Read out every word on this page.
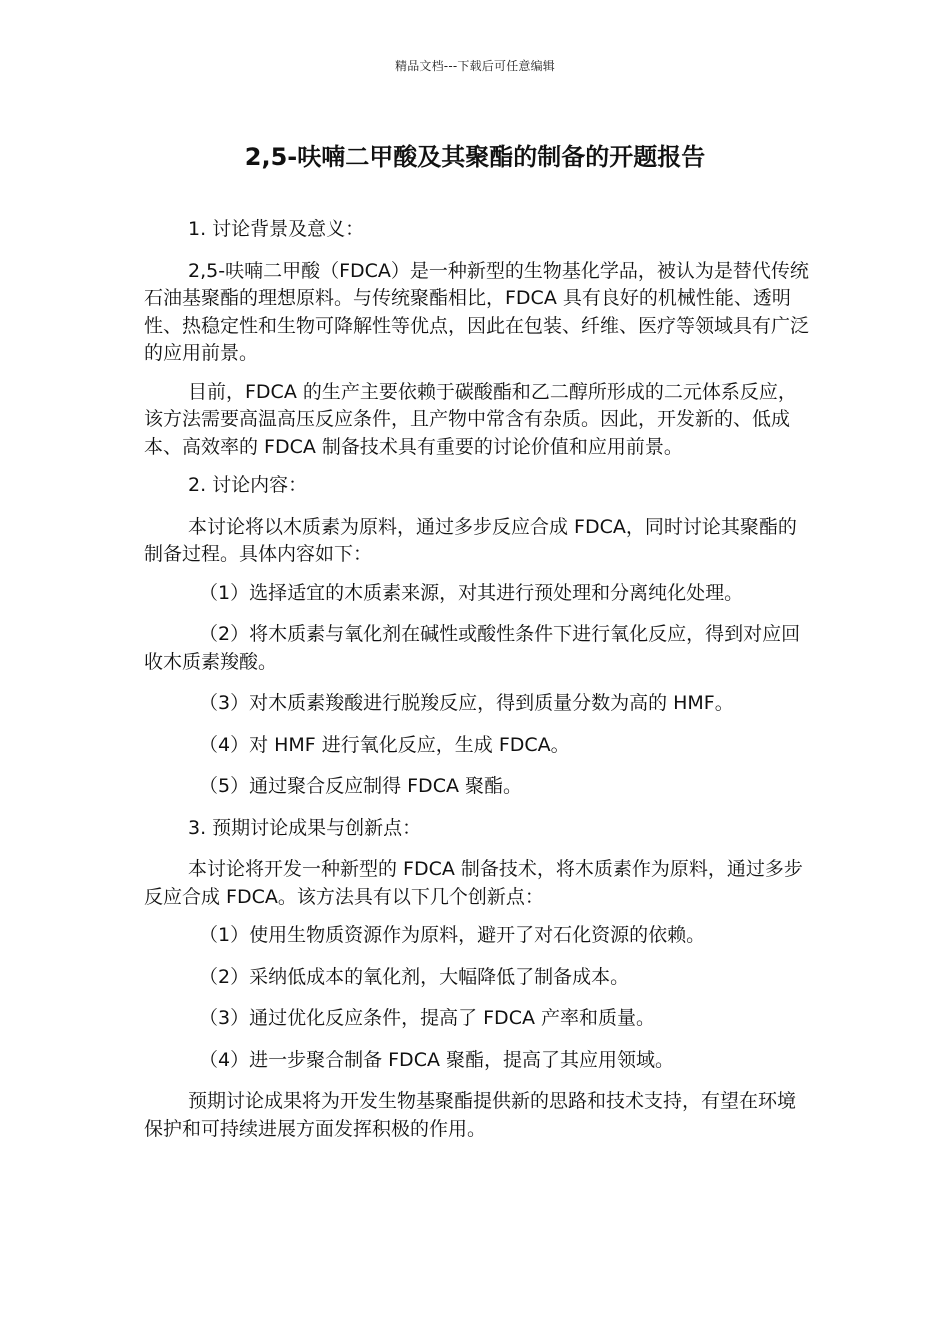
精品文档---下载后可任意编辑
2,5-呋喃二甲酸及其聚酯的制备的开题报告

1. 讨论背景及意义：

2,5-呋喃二甲酸（FDCA）是一种新型的生物基化学品，被认为是替代传统石油基聚酯的理想原料。与传统聚酯相比，FDCA 具有良好的机械性能、透明性、热稳定性和生物可降解性等优点，因此在包装、纤维、医疗等领域具有广泛的应用前景。

目前，FDCA 的生产主要依赖于碳酸酯和乙二醇所形成的二元体系反应，该方法需要高温高压反应条件，且产物中常含有杂质。因此，开发新的、低成本、高效率的 FDCA 制备技术具有重要的讨论价值和应用前景。

2. 讨论内容：

本讨论将以木质素为原料，通过多步反应合成 FDCA，同时讨论其聚酯的制备过程。具体内容如下：

（1）选择适宜的木质素来源，对其进行预处理和分离纯化处理。

（2）将木质素与氧化剂在碱性或酸性条件下进行氧化反应，得到对应回收木质素羧酸。

（3）对木质素羧酸进行脱羧反应，得到质量分数为高的 HMF。

（4）对 HMF 进行氧化反应，生成 FDCA。

（5）通过聚合反应制得 FDCA 聚酯。

3. 预期讨论成果与创新点：

本讨论将开发一种新型的 FDCA 制备技术，将木质素作为原料，通过多步反应合成 FDCA。该方法具有以下几个创新点：

（1）使用生物质资源作为原料，避开了对石化资源的依赖。

（2）采纳低成本的氧化剂，大幅降低了制备成本。

（3）通过优化反应条件，提高了 FDCA 产率和质量。

（4）进一步聚合制备 FDCA 聚酯，提高了其应用领域。

预期讨论成果将为开发生物基聚酯提供新的思路和技术支持，有望在环境保护和可持续进展方面发挥积极的作用。
